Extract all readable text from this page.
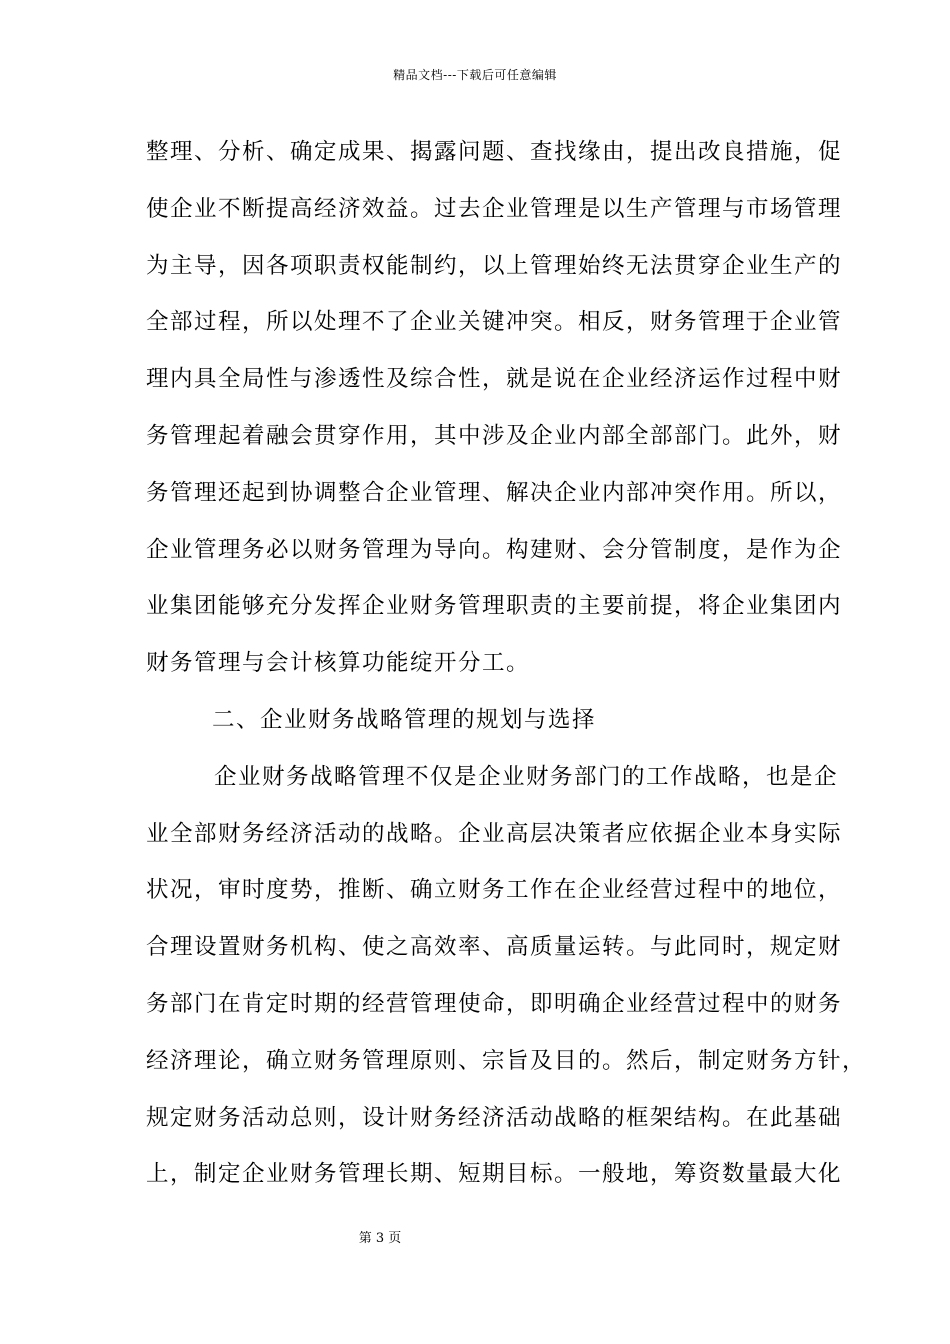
精品文档---下载后可任意编辑
整理、分析、确定成果、揭露问题、查找缘由，提出改良措施，促
使企业不断提高经济效益。过去企业管理是以生产管理与市场管理
为主导，因各项职责权能制约，以上管理始终无法贯穿企业生产的
全部过程，所以处理不了企业关键冲突。相反，财务管理于企业管
理内具全局性与渗透性及综合性，就是说在企业经济运作过程中财
务管理起着融会贯穿作用，其中涉及企业内部全部部门。此外，财
务管理还起到协调整合企业管理、解决企业内部冲突作用。所以，
企业管理务必以财务管理为导向。构建财、会分管制度，是作为企
业集团能够充分发挥企业财务管理职责的主要前提，将企业集团内
财务管理与会计核算功能绽开分工。
二、企业财务战略管理的规划与选择
企业财务战略管理不仅是企业财务部门的工作战略，也是企
业全部财务经济活动的战略。企业高层决策者应依据企业本身实际
状况，审时度势，推断、确立财务工作在企业经营过程中的地位，
合理设置财务机构、使之高效率、高质量运转。与此同时，规定财
务部门在肯定时期的经营管理使命，即明确企业经营过程中的财务
经济理论，确立财务管理原则、宗旨及目的。然后，制定财务方针，
规定财务活动总则，设计财务经济活动战略的框架结构。在此基础
上，制定企业财务管理长期、短期目标。一般地，筹资数量最大化
第 3 页
